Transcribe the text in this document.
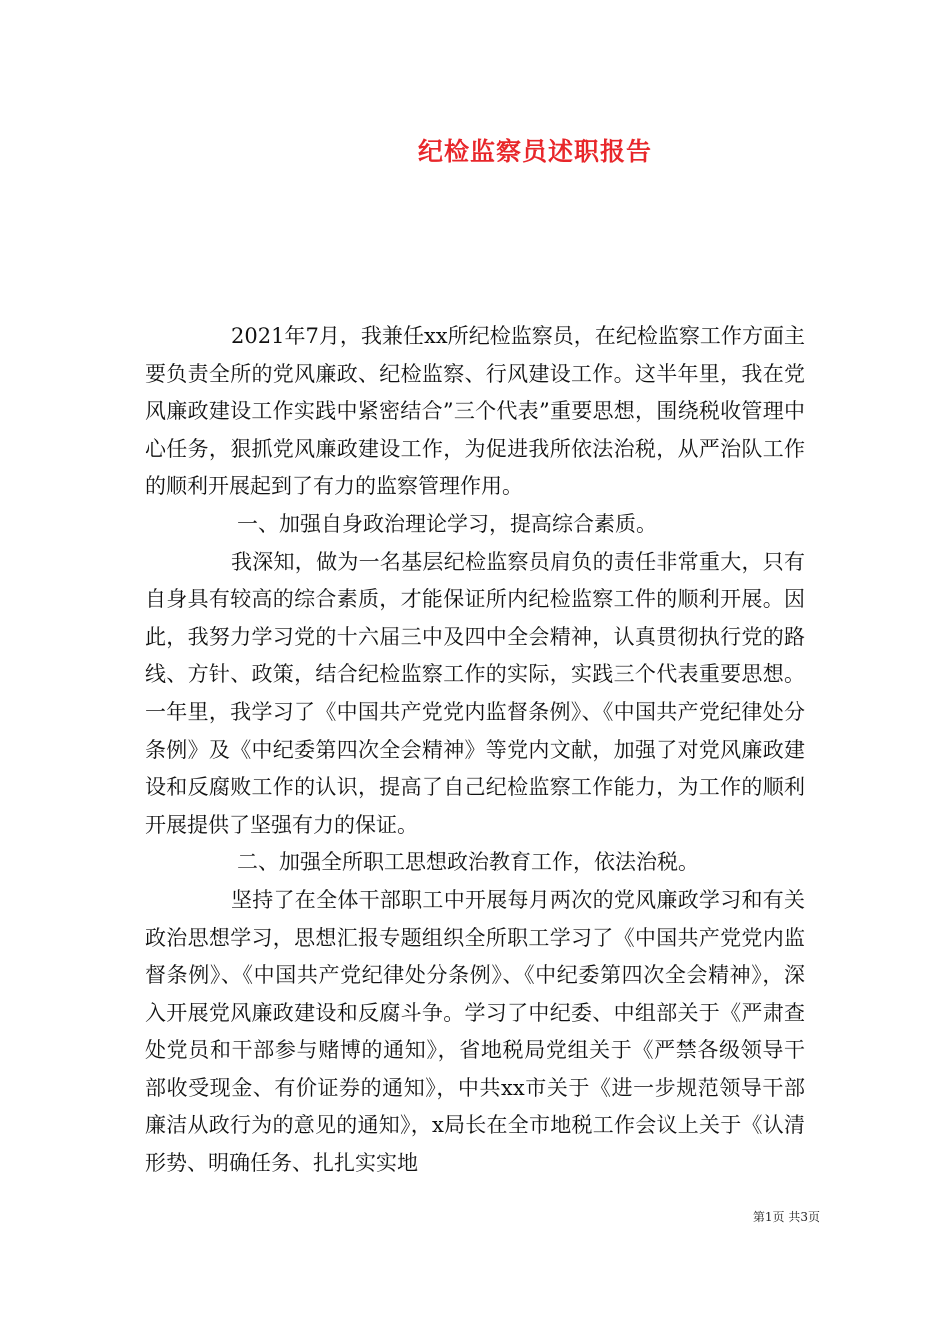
纪检监察员述职报告

2021年7月，我兼任xx所纪检监察员，在纪检监察工作方面主要负责全所的党风廉政、纪检监察、行风建设工作。这半年里，我在党风廉政建设工作实践中紧密结合”三个代表”重要思想，围绕税收管理中心任务，狠抓党风廉政建设工作，为促进我所依法治税，从严治队工作的顺利开展起到了有力的监察管理作用。

一、加强自身政治理论学习，提高综合素质。

我深知，做为一名基层纪检监察员肩负的责任非常重大，只有自身具有较高的综合素质，才能保证所内纪检监察工件的顺利开展。因此，我努力学习党的十六届三中及四中全会精神，认真贯彻执行党的路线、方针、政策，结合纪检监察工作的实际，实践三个代表重要思想。一年里，我学习了《中国共产党党内监督条例》、《中国共产党纪律处分条例》及《中纪委第四次全会精神》等党内文献，加强了对党风廉政建设和反腐败工作的认识，提高了自己纪检监察工作能力，为工作的顺利开展提供了坚强有力的保证。

二、加强全所职工思想政治教育工作，依法治税。

坚持了在全体干部职工中开展每月两次的党风廉政学习和有关政治思想学习，思想汇报专题组织全所职工学习了《中国共产党党内监督条例》、《中国共产党纪律处分条例》、《中纪委第四次全会精神》，深入开展党风廉政建设和反腐斗争。学习了中纪委、中组部关于《严肃查处党员和干部参与赌博的通知》，省地税局党组关于《严禁各级领导干部收受现金、有价证券的通知》，中共xx市关于《进一步规范领导干部廉洁从政行为的意见的通知》，x局长在全市地税工作会议上关于《认清形势、明确任务、扎扎实实地

第1页 共3页
